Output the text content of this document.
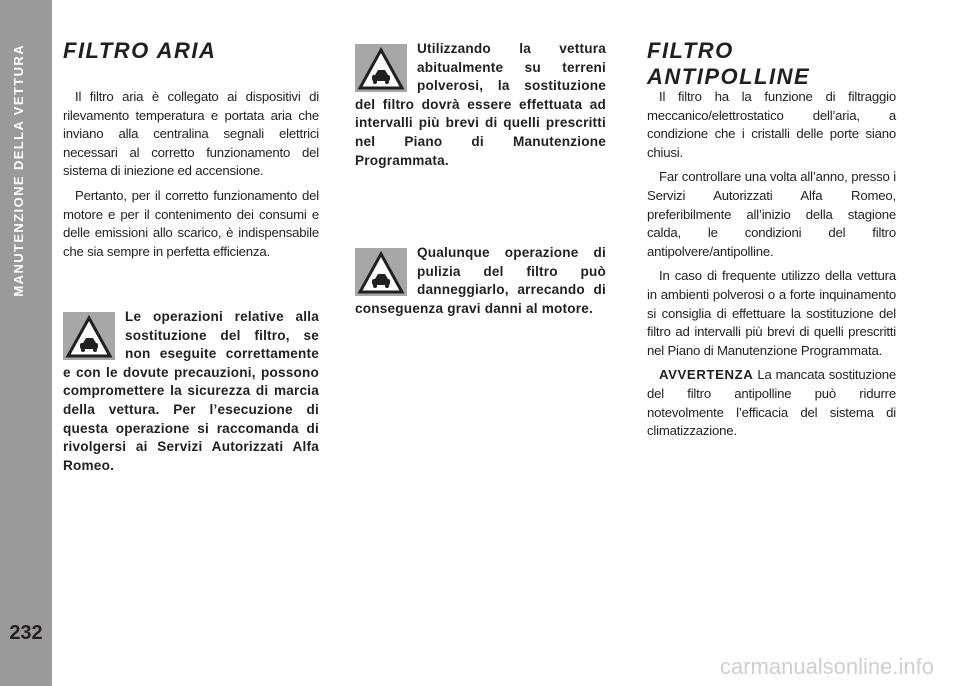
MANUTENZIONE DELLA VETTURA
232
FILTRO ARIA

Il filtro aria è collegato ai dispositivi di rilevamento temperatura e portata aria che inviano alla centralina segnali elettrici necessari al corretto funzionamento del sistema di iniezione ed accensione.

Pertanto, per il corretto funzionamento del motore e per il contenimento dei consumi e delle emissioni allo scarico, è indispensabile che sia sempre in perfetta efficienza.

Le operazioni relative alla sostituzione del filtro, se non eseguite correttamente e con le dovute precauzioni, possono compromettere la sicurezza di marcia della vettura. Per l’esecuzione di questa operazione si raccomanda di rivolgersi ai Servizi Autorizzati Alfa Romeo.
Utilizzando la vettura abitualmente su terreni polverosi, la sostituzione del filtro dovrà essere effettuata ad intervalli più brevi di quelli prescritti nel Piano di Manutenzione Programmata.
Qualunque operazione di pulizia del filtro può danneggiarlo, arrecando di conseguenza gravi danni al motore.
FILTRO ANTIPOLLINE

Il filtro ha la funzione di filtraggio meccanico/elettrostatico dell’aria, a condizione che i cristalli delle porte siano chiusi.

Far controllare una volta all’anno, presso i Servizi Autorizzati Alfa Romeo, preferibilmente all’inizio della stagione calda, le condizioni del filtro antipolvere/antipolline.

In caso di frequente utilizzo della vettura in ambienti polverosi o a forte inquinamento si consiglia di effettuare la sostituzione del filtro ad intervalli più brevi di quelli prescritti nel Piano di Manutenzione Programmata.

AVVERTENZA La mancata sostituzione del filtro antipolline può ridurre notevolmente l’efficacia del sistema di climatizzazione.

carmanualsonline.info
